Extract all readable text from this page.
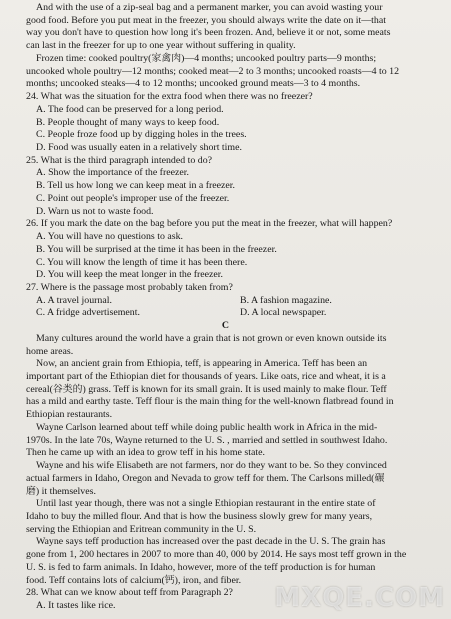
And with the use of a zip-seal bag and a permanent marker, you can avoid wasting your
good food. Before you put meat in the freezer, you should always write the date on it—that
way you don't have to question how long it's been frozen. And, believe it or not, some meats
can last in the freezer for up to one year without suffering in quality.
Frozen time: cooked poultry(家禽肉)—4 months; uncooked poultry parts—9 months;
uncooked whole poultry—12 months; cooked meat—2 to 3 months; uncooked roasts—4 to 12
months; uncooked steaks—4 to 12 months; uncooked ground meats—3 to 4 months.
24. What was the situation for the extra food when there was no freezer?
A. The food can be preserved for a long period.
B. People thought of many ways to keep food.
C. People froze food up by digging holes in the trees.
D. Food was usually eaten in a relatively short time.
25. What is the third paragraph intended to do?
A. Show the importance of the freezer.
B. Tell us how long we can keep meat in a freezer.
C. Point out people's improper use of the freezer.
D. Warn us not to waste food.
26. If you mark the date on the bag before you put the meat in the freezer, what will happen?
A. You will have no questions to ask.
B. You will be surprised at the time it has been in the freezer.
C. You will know the length of time it has been there.
D. You will keep the meat longer in the freezer.
27. Where is the passage most probably taken from?
A. A travel journal.	B. A fashion magazine.
C. A fridge advertisement.	D. A local newspaper.
C
Many cultures around the world have a grain that is not grown or even known outside its
home areas.
Now, an ancient grain from Ethiopia, teff, is appearing in America. Teff has been an
important part of the Ethiopian diet for thousands of years. Like oats, rice and wheat, it is a
cereal(谷类的) grass. Teff is known for its small grain. It is used mainly to make flour. Teff
has a mild and earthy taste. Teff flour is the main thing for the well-known flatbread found in
Ethiopian restaurants.
Wayne Carlson learned about teff while doing public health work in Africa in the mid-
1970s. In the late 70s, Wayne returned to the U. S. , married and settled in southwest Idaho.
Then he came up with an idea to grow teff in his home state.
Wayne and his wife Elisabeth are not farmers, nor do they want to be. So they convinced
actual farmers in Idaho, Oregon and Nevada to grow teff for them. The Carlsons milled(碾
磨) it themselves.
Until last year though, there was not a single Ethiopian restaurant in the entire state of
Idaho to buy the milled flour. And that is how the business slowly grew for many years,
serving the Ethiopian and Eritrean community in the U. S.
Wayne says teff production has increased over the past decade in the U. S. The grain has
gone from 1, 200 hectares in 2007 to more than 40, 000 by 2014. He says most teff grown in the
U. S. is fed to farm animals. In Idaho, however, more of the teff production is for human
food. Teff contains lots of calcium(钙), iron, and fiber.
28. What can we know about teff from Paragraph 2?
A. It tastes like rice.	MXQE.COM
